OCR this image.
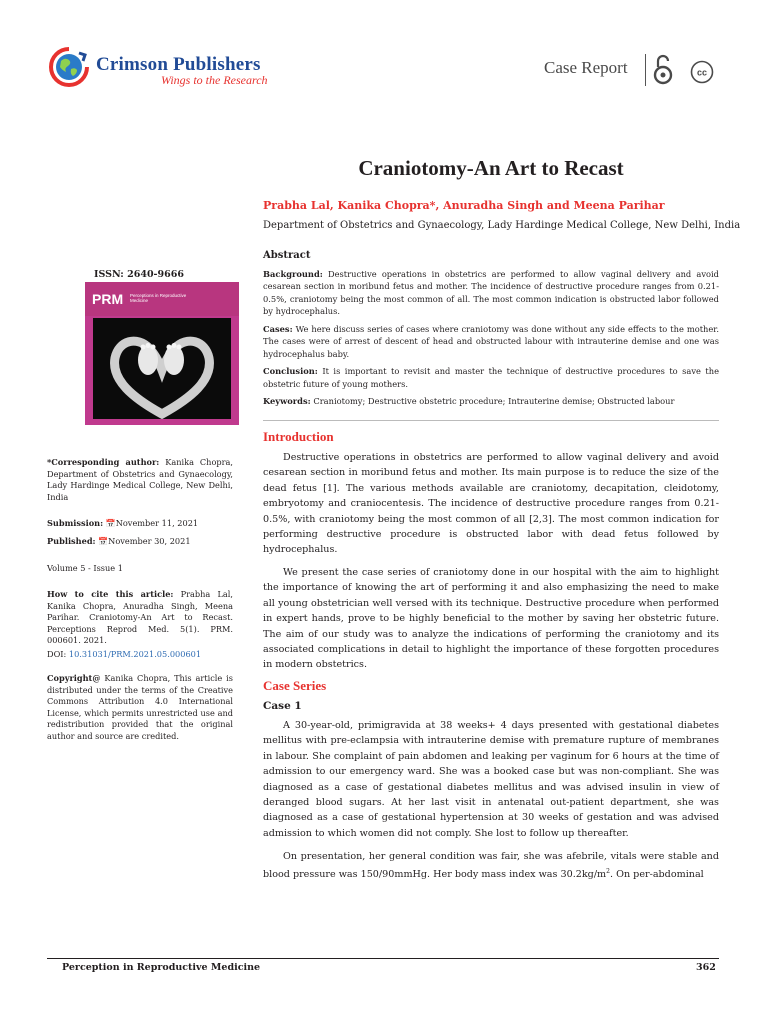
Crimson Publishers
Wings to the Research
Case Report	cc
Craniotomy-An Art to Recast
Prabha Lal, Kanika Chopra*, Anuradha Singh and Meena Parihar
Department of Obstetrics and Gynaecology, Lady Hardinge Medical College, New Delhi, India
Abstract

Background: Destructive operations in obstetrics are performed to allow vaginal delivery and avoid cesarean section in moribund fetus and mother. The incidence of destructive procedure ranges from 0.21-0.5%, craniotomy being the most common of all. The most common indication is obstructed labor followed by hydrocephalus.

Cases: We here discuss series of cases where craniotomy was done without any side effects to the mother. The cases were of arrest of descent of head and obstructed labour with intrauterine demise and one was hydrocephalus baby.

Conclusion: It is important to revisit and master the technique of destructive procedures to save the obstetric future of young mothers.

Keywords: Craniotomy; Destructive obstetric procedure; Intrauterine demise; Obstructed labour

ISSN: 2640-9666
PRM Perceptions in Reproductive Medicine
*Corresponding author: Kanika Chopra, Department of Obstetrics and Gynaecology, Lady Hardinge Medical College, New Delhi, India
Submission: 📅November 11, 2021
Published: 📅November 30, 2021
Volume 5 - Issue 1
How to cite this article: Prabha Lal, Kanika Chopra, Anuradha Singh, Meena Parihar. Craniotomy-An Art to Recast. Perceptions Reprod Med. 5(1). PRM. 000601. 2021.
DOI: 10.31031/PRM.2021.05.000601
Copyright@ Kanika Chopra, This article is distributed under the terms of the Creative Commons Attribution 4.0 International License, which permits unrestricted use and redistribution provided that the original author and source are credited.
Introduction

Destructive operations in obstetrics are performed to allow vaginal delivery and avoid cesarean section in moribund fetus and mother. Its main purpose is to reduce the size of the dead fetus [1]. The various methods available are craniotomy, decapitation, cleidotomy, embryotomy and craniocentesis. The incidence of destructive procedure ranges from 0.21-0.5%, with craniotomy being the most common of all [2,3]. The most common indication for performing destructive procedure is obstructed labor with dead fetus followed by hydrocephalus.

We present the case series of craniotomy done in our hospital with the aim to highlight the importance of knowing the art of performing it and also emphasizing the need to make all young obstetrician well versed with its technique. Destructive procedure when performed in expert hands, prove to be highly beneficial to the mother by saving her obstetric future. The aim of our study was to analyze the indications of performing the craniotomy and its associated complications in detail to highlight the importance of these forgotten procedures in modern obstetrics.

Case Series
Case 1

A 30-year-old, primigravida at 38 weeks+ 4 days presented with gestational diabetes mellitus with pre-eclampsia with intrauterine demise with premature rupture of membranes in labour. She complaint of pain abdomen and leaking per vaginum for 6 hours at the time of admission to our emergency ward. She was a booked case but was non-compliant. She was diagnosed as a case of gestational diabetes mellitus and was advised insulin in view of deranged blood sugars. At her last visit in antenatal out-patient department, she was diagnosed as a case of gestational hypertension at 30 weeks of gestation and was advised admission to which women did not comply. She lost to follow up thereafter.

On presentation, her general condition was fair, she was afebrile, vitals were stable and blood pressure was 150/90mmHg. Her body mass index was $30.2kg/m^2$. On per-abdominal

Perception in Reproductive Medicine	362
